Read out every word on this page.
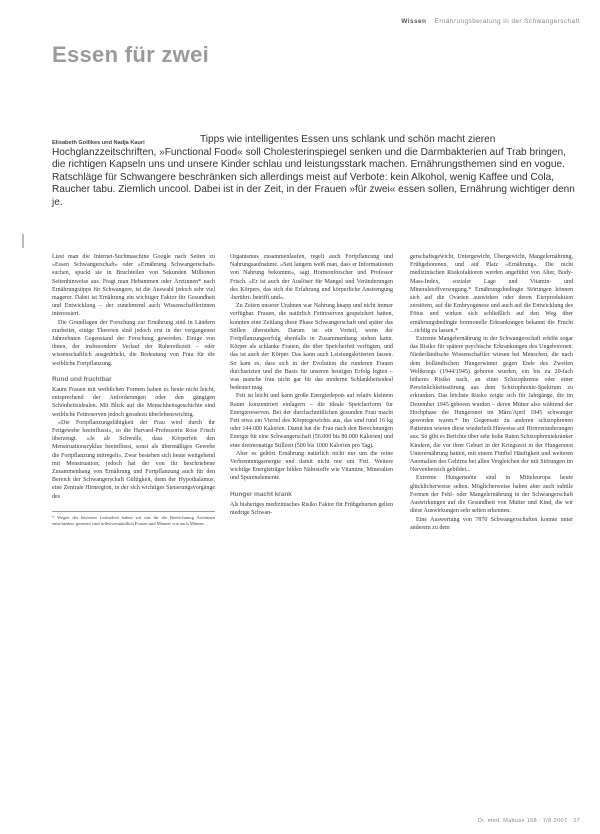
Wissen Ernährungsberatung in der Schwangerschaft
Essen für zwei

Tipps wie intelligentes Essen uns schlank und schön macht zieren Hochglanzzeitschriften, »Functional Food« soll Cholesterinspiegel senken und die Darmbakterien auf Trab bringen, die richtigen Kapseln uns und unsere Kinder schlau und leistungsstark machen. Ernährungsthemen sind en vogue. Ratschläge für Schwangere beschränken sich allerdings meist auf Verbote: kein Alkohol, wenig Kaffee und Cola, Raucher tabu. Ziemlich uncool. Dabei ist in der Zeit, in der Frauen »für zwei« essen sollen, Ernährung wichtiger denn je.

Elisabeth Gollikes und Nadja Kauri

Liest man die Internet-Suchmaschine Google nach Seiten zu »Essen Schwangerschaft« oder »Ernährung Schwangerschaft« suchen, spuckt sie in Bruchteilen von Sekunden Millionen Seitenhinweise aus. Fragt man Hebammen oder Ärztinnen* nach Ernährungstipps für Schwangere, ist die Auswahl jedoch sehr viel magerer. Dabei ist Ernährung ein wichtiger Faktor für Gesundheit und Entwicklung – der zunehmend auch Wissenschaftlerinnen interessiert.

Die Grundlagen der Forschung zur Ernährung sind in Ländern erarbeitet, einige Theorien sind jedoch erst in der vergangenen Jahrzehnten Gegenstand der Forschung geworden. Einige von ihnen, der insbesondere Verlauf der Ruhereifezeit – oder wissenschaftlich ausgedrückt, die Bedeutung von Frau für die weibliche Fortpflanzung.

Rund und fruchtbar

Kaum Frauen mit weiblichen Formen haben es heute nicht leicht, entsprechend der Anforderungen oder den gängigen Schönheitsidealen. Mit Blick auf die Menschheitsgeschichte sind weibliche Fettreserven jedoch geradezu überlebenswichtig.

»Die Fortpflanzungsfähigkeit der Frau wird durch ihr Fettgewebe beeinflusst«, so die Harvard-Professorin Rose Frisch überzeugt. »Je ab Schwelle, dass Körperfett den Menstruationszyklus beeinflusst, sonst als übermäßiges Gewebe die Fortpflanzung mitregelt«. Zwar bestehen sich heute weitgehend mit Menstruation, jedoch hat der von ihr beschriebene Zusammenhang von Ernährung und Fortpflanzung auch für den Bereich der Schwangerschaft Gültigkeit, denn der Hypothalamus, eine Zentrale Hirnregion, in der sich wichtiges Steuerungsvorgänge des

* Wegen der besseren Lesbarkeit haben wir uns für die Bezeichnung Ärztinnen entschieden, gemeint sind selbstverständlich Frauen und Männer wie auch Männer ...

Organismus zusammenlaufen, regelt auch Fortpflanzung und Nahrungsaufnahme. »Seit langem weiß man, dass er Informationen von Nahrung bekommt«, sagt Hormonforscher und Professor Frisch. »Er ist auch der Auslöser für Mangel und Veränderungen des Körpers, das sich die Erfahrung und körperliche Anstrengung ›berührt‹ betrifft und«.

Zu Zeiten unserer Urahnen war Nahrung knapp und nicht immer verfügbar. Frauen, die natürlich Fettreserven gespeichert hatten, konnten eine Zeitlang diese Phase Schwangerschaft und später das Stillen überstehen. Darum ist ein Vorteil, wenn der Fortpflanzungserfolg ebenfalls in Zusammenhang stehen kann. Körper als schlanke Frauen, die über Speicherfett verfügten, und das ist auch der Körper. Das kann auch Leistungskriterien fassen. So kam es, dass sich in der Evolution die runderen Frauen durchsetzten und die Basis für unseren heutigen Erfolg legten – was manche frau nicht gar für das moderne Schlankheitsideal bedeutet mag.

Fett ist leicht und kann große Energiedepots auf relativ kleinem Raum konzentriert einlagern – die ideale Speicherform für Energiereserven. Bei der durchschnittlichen gesunden Frau macht Fett etwa ein Viertel des Körpergewichts aus, das sind rund 16 kg oder 144.000 Kalorien. Damit hat die Frau nach den Berechnungen Energie für eine Schwangerschaft (56.000 bis 80.000 Kalorien) und eine dreimonatige Stillzeit (500 bis 1000 Kalorien pro Tag).

Aber es gehört Ernährung natürlich nicht nur um die reine Verbrennungsenergie und damit nicht nur um Fett. Weitere wichtige Energieträger bilden Nährstoffe wie Vitamine, Mineralien und Spurenelemente.

Hunger macht krank

Als bisheriges medizinisches Risiko Faktor für Frühgeburten gelten niedrige Schwan-

gerschaftsgewicht, Untergewicht, Übergewicht, Mangelernährung, Frühgeborenen, und auf Platz »Ernährung«. Die nicht medizinischen Risikofaktoren werden angeführt von Alter, Body-Mass-Index, sozialer Lage und Vitamin- und Mineralstoffversorgung.* Ernährungsbedingte Störungen können sich auf die Ovarien auswirken oder deren Eierproduktion zerstören, auf die Embryogenese und auch auf die Entwicklung des Fötus und wirken sich schließlich auf den Weg über ernährungsbedingte hormonelle Erkrankungen bekannt die Frucht ...richtig zu lassen.*

Extreme Mangelernährung in der Schwangerschaft erhöht sogar das Risiko für spätere psychische Erkrankungen des Ungeborenen. Niederländische Wissenschaftler wiesen bei Menschen, die nach dem holländischen Hungerwinter gegen Ende des Zweiten Weltkriegs (1944/1945) geboren wurden, ein bis zu 20-fach höheres Risiko nach, an einer Schizophrenie oder einer Persönlichkeitsstörung aus dem Schizophrenie-Spektrum zu erkranken. Das höchste Risiko zeigte sich für Jahrgänge, die im Dezember 1945 geboren wurden – deren Mütter also während der Hochphase der Hungersnot im März/April 1945 schwanger geworden waren.* Im Gegensatz zu anderen schizophrenen Patienten wiesen diese wiederholt Hinweise auf Hirnveränderungen aus. So gibt es Berichte über sehr hohe Raten Schizophreniekranker Kindern, die vor ihrer Geburt in der Kriegszeit in der Hungersnot Unterernährung hatten, mit einem Fünftel Häufigkeit und weiteren Anomalien des Gehirns bei allen Vergleichen der mit Störungen im Nervenbereich gebildet...

Extreme Hungersnöte sind in Mitteleuropa heute glücklicherweise selten. Möglicherweise haben aber auch subtile Formen der Fehl- oder Mangelernährung in der Schwangerschaft Auswirkungen auf die Gesundheit von Mutter und Kind, die wir diese Auswirkungen sehr selten erkennen.

Eine Auswertung von 7870 Schwangerschaften konnte unter anderem zu dem

Dr. med. Mabuse 168 · 7/8·2007 · 27
